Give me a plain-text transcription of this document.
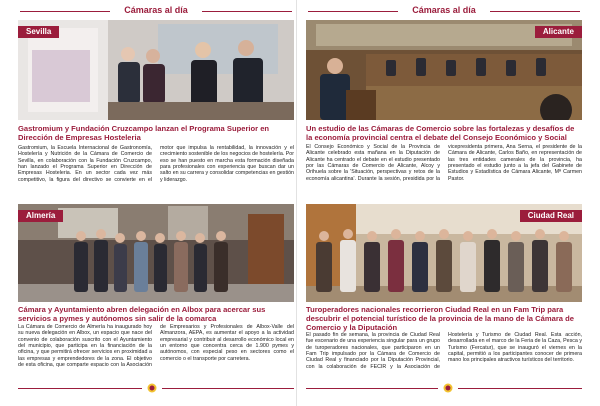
Cámaras al día
Sevilla
Gastromium y Fundación Cruzcampo lanzan el Programa Superior en Dirección de Empresas Hosteleria
Gastromium, la Escuela Internacional de Gastronomía, Hostelería y Nutrición de la Cámara de Comercio de Sevilla, en colaboración con la Fundación Cruzcampo, han lanzado el Programa Superior en Dirección de Empresas Hosteleria. En un sector cada vez más competitivo, la figura del directivo se convierte en el motor que impulsa la rentabilidad, la innovación y el crecimiento sostenible de los negocios de hostelería. Por eso se han puesto en marcha esta formación diseñada para profesionales con experiencia que buscan dar un salto en su carrera y consolidar competencias en gestión y liderazgo.
Almería
Cámara y Ayuntamiento abren delegación en Albox para acercar sus servicios a pymes y autónomos sin salir de la comarca
La Cámara de Comercio de Almería ha inaugurado hoy su nueva delegación en Albox, un espacio que nace del convenio de colaboración suscrito con el Ayuntamiento del municipio, que participa en la financiación de la oficina, y que permitirá ofrecer servicios en proximidad a las empresas y emprendedores de la zona. El objetivo de esta oficina, que comparte espacio con la Asociación de Empresarios y Profesionales de Albox-Valle del Almanzora, AEPA, es aumentar el apoyo a la actividad empresarial y contribuir al desarrollo económico local en un entorno que concentra cerca de 1.900 pymes y autónomos, con especial peso en sectores como el comercio o el transporte por carretera.
Cámaras al día
Alicante
Un estudio de las Cámaras de Comercio sobre las fortalezas y desafíos de la economía provincial centra el debate del Consejo Económico y Social
El Consejo Económico y Social de la Provincia de Alicante celebrado esta mañana en la Diputación de Alicante ha centrado el debate en el estudio presentado por las Cámaras de Comercio de Alicante, Alcoy y Orihuela sobre la 'Situación, perspectivas y retos de la economía alicantina'. Durante la sesión, presidida por la vicepresidenta primera, Ana Serna, el presidente de la Cámara de Alicante, Carlos Baño, en representación de las tres entidades camerales de la provincia, ha presentado el estudio junto a la jefa del Gabinete de Estudios y Estadística de Cámara Alicante, Mª Carmen Pastor.
Ciudad Real
Turoperadores nacionales recorrieron Ciudad Real en un Fam Trip para descubrir el potencial turístico de la provincia de la mano de la Cámara de Comercio y la Diputación
El pasado fin de semana, la provincia de Ciudad Real fue escenario de una experiencia singular para un grupo de turoperadores nacionales, que participaron en un Fam Trip impulsado por la Cámara de Comercio de Ciudad Real y financiado por la Diputación Provincial, con la colaboración de FECIR y la Asociación de Hostelería y Turismo de Ciudad Real. Esta acción, desarrollada en el marco de la Feria de la Caza, Pesca y Turismo (Fercatur), que se inauguró el viernes en la capital, permitió a los participantes conocer de primera mano los principales atractivos turísticos del territorio.
